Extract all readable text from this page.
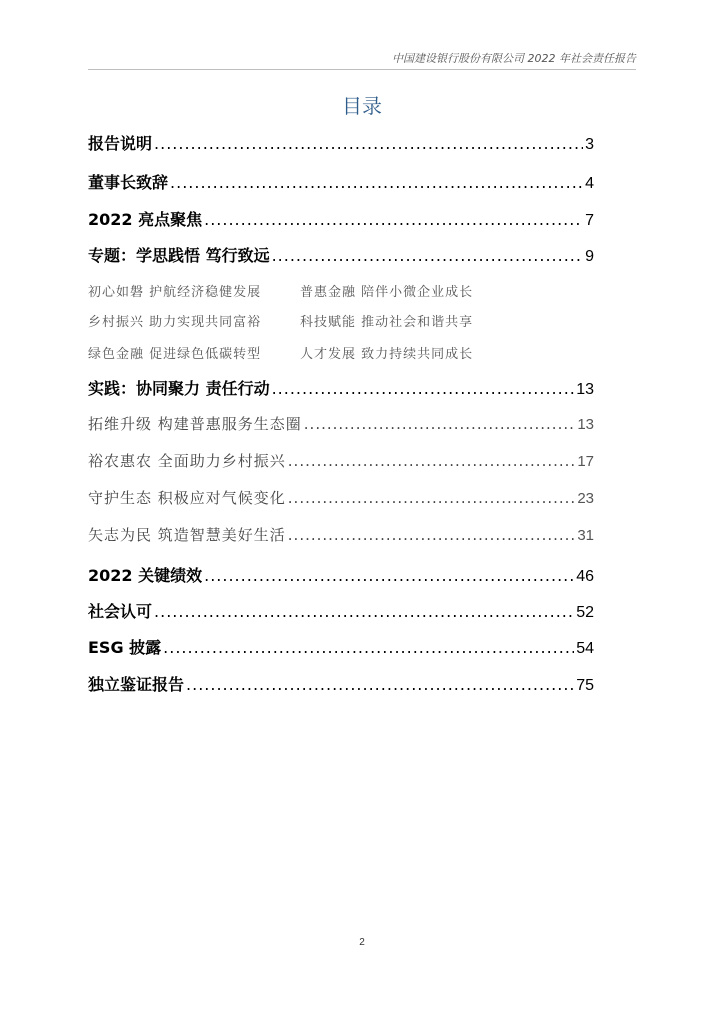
中国建设银行股份有限公司 2022 年社会责任报告
目录
报告说明 .....	3
董事长致辞 .....	4
2022 亮点聚焦 .....	7
专题：学思践悟 笃行致远 .....	9
初心如磐 护航经济稳健发展	普惠金融 陪伴小微企业成长
乡村振兴 助力实现共同富裕	科技赋能 推动社会和谐共享
绿色金融 促进绿色低碳转型	人才发展 致力持续共同成长
实践：协同聚力 责任行动 .....	13
拓维升级 构建普惠服务生态圈 .....	13
裕农惠农 全面助力乡村振兴 .....	17
守护生态 积极应对气候变化 .....	23
矢志为民 筑造智慧美好生活 .....	31
2022 关键绩效 .....	46
社会认可 .....	52
ESG 披露 .....	54
独立鉴证报告 .....	75
2
